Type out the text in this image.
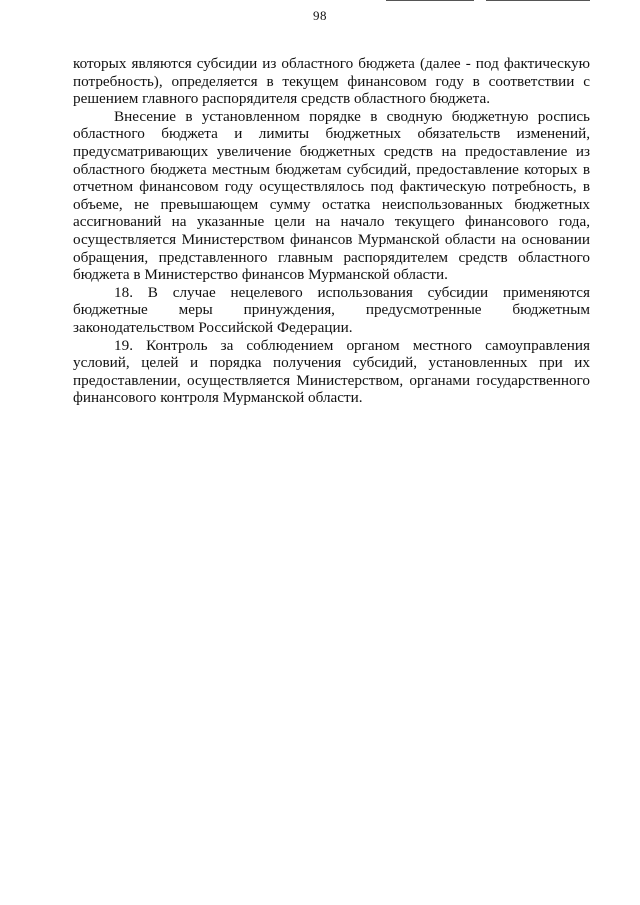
98

которых являются субсидии из областного бюджета (далее - под фактическую потребность), определяется в текущем финансовом году в соответствии с решением главного распорядителя средств областного бюджета.

Внесение в установленном порядке в сводную бюджетную роспись областного бюджета и лимиты бюджетных обязательств изменений, предусматривающих увеличение бюджетных средств на предоставление из областного бюджета местным бюджетам субсидий, предоставление которых в отчетном финансовом году осуществлялось под фактическую потребность, в объеме, не превышающем сумму остатка неиспользованных бюджетных ассигнований на указанные цели на начало текущего финансового года, осуществляется Министерством финансов Мурманской области на основании обращения, представленного главным распорядителем средств областного бюджета в Министерство финансов Мурманской области.

18. В случае нецелевого использования субсидии применяются бюджетные меры принуждения, предусмотренные бюджетным законодательством Российской Федерации.

19. Контроль за соблюдением органом местного самоуправления условий, целей и порядка получения субсидий, установленных при их предоставлении, осуществляется Министерством, органами государственного финансового контроля Мурманской области.
